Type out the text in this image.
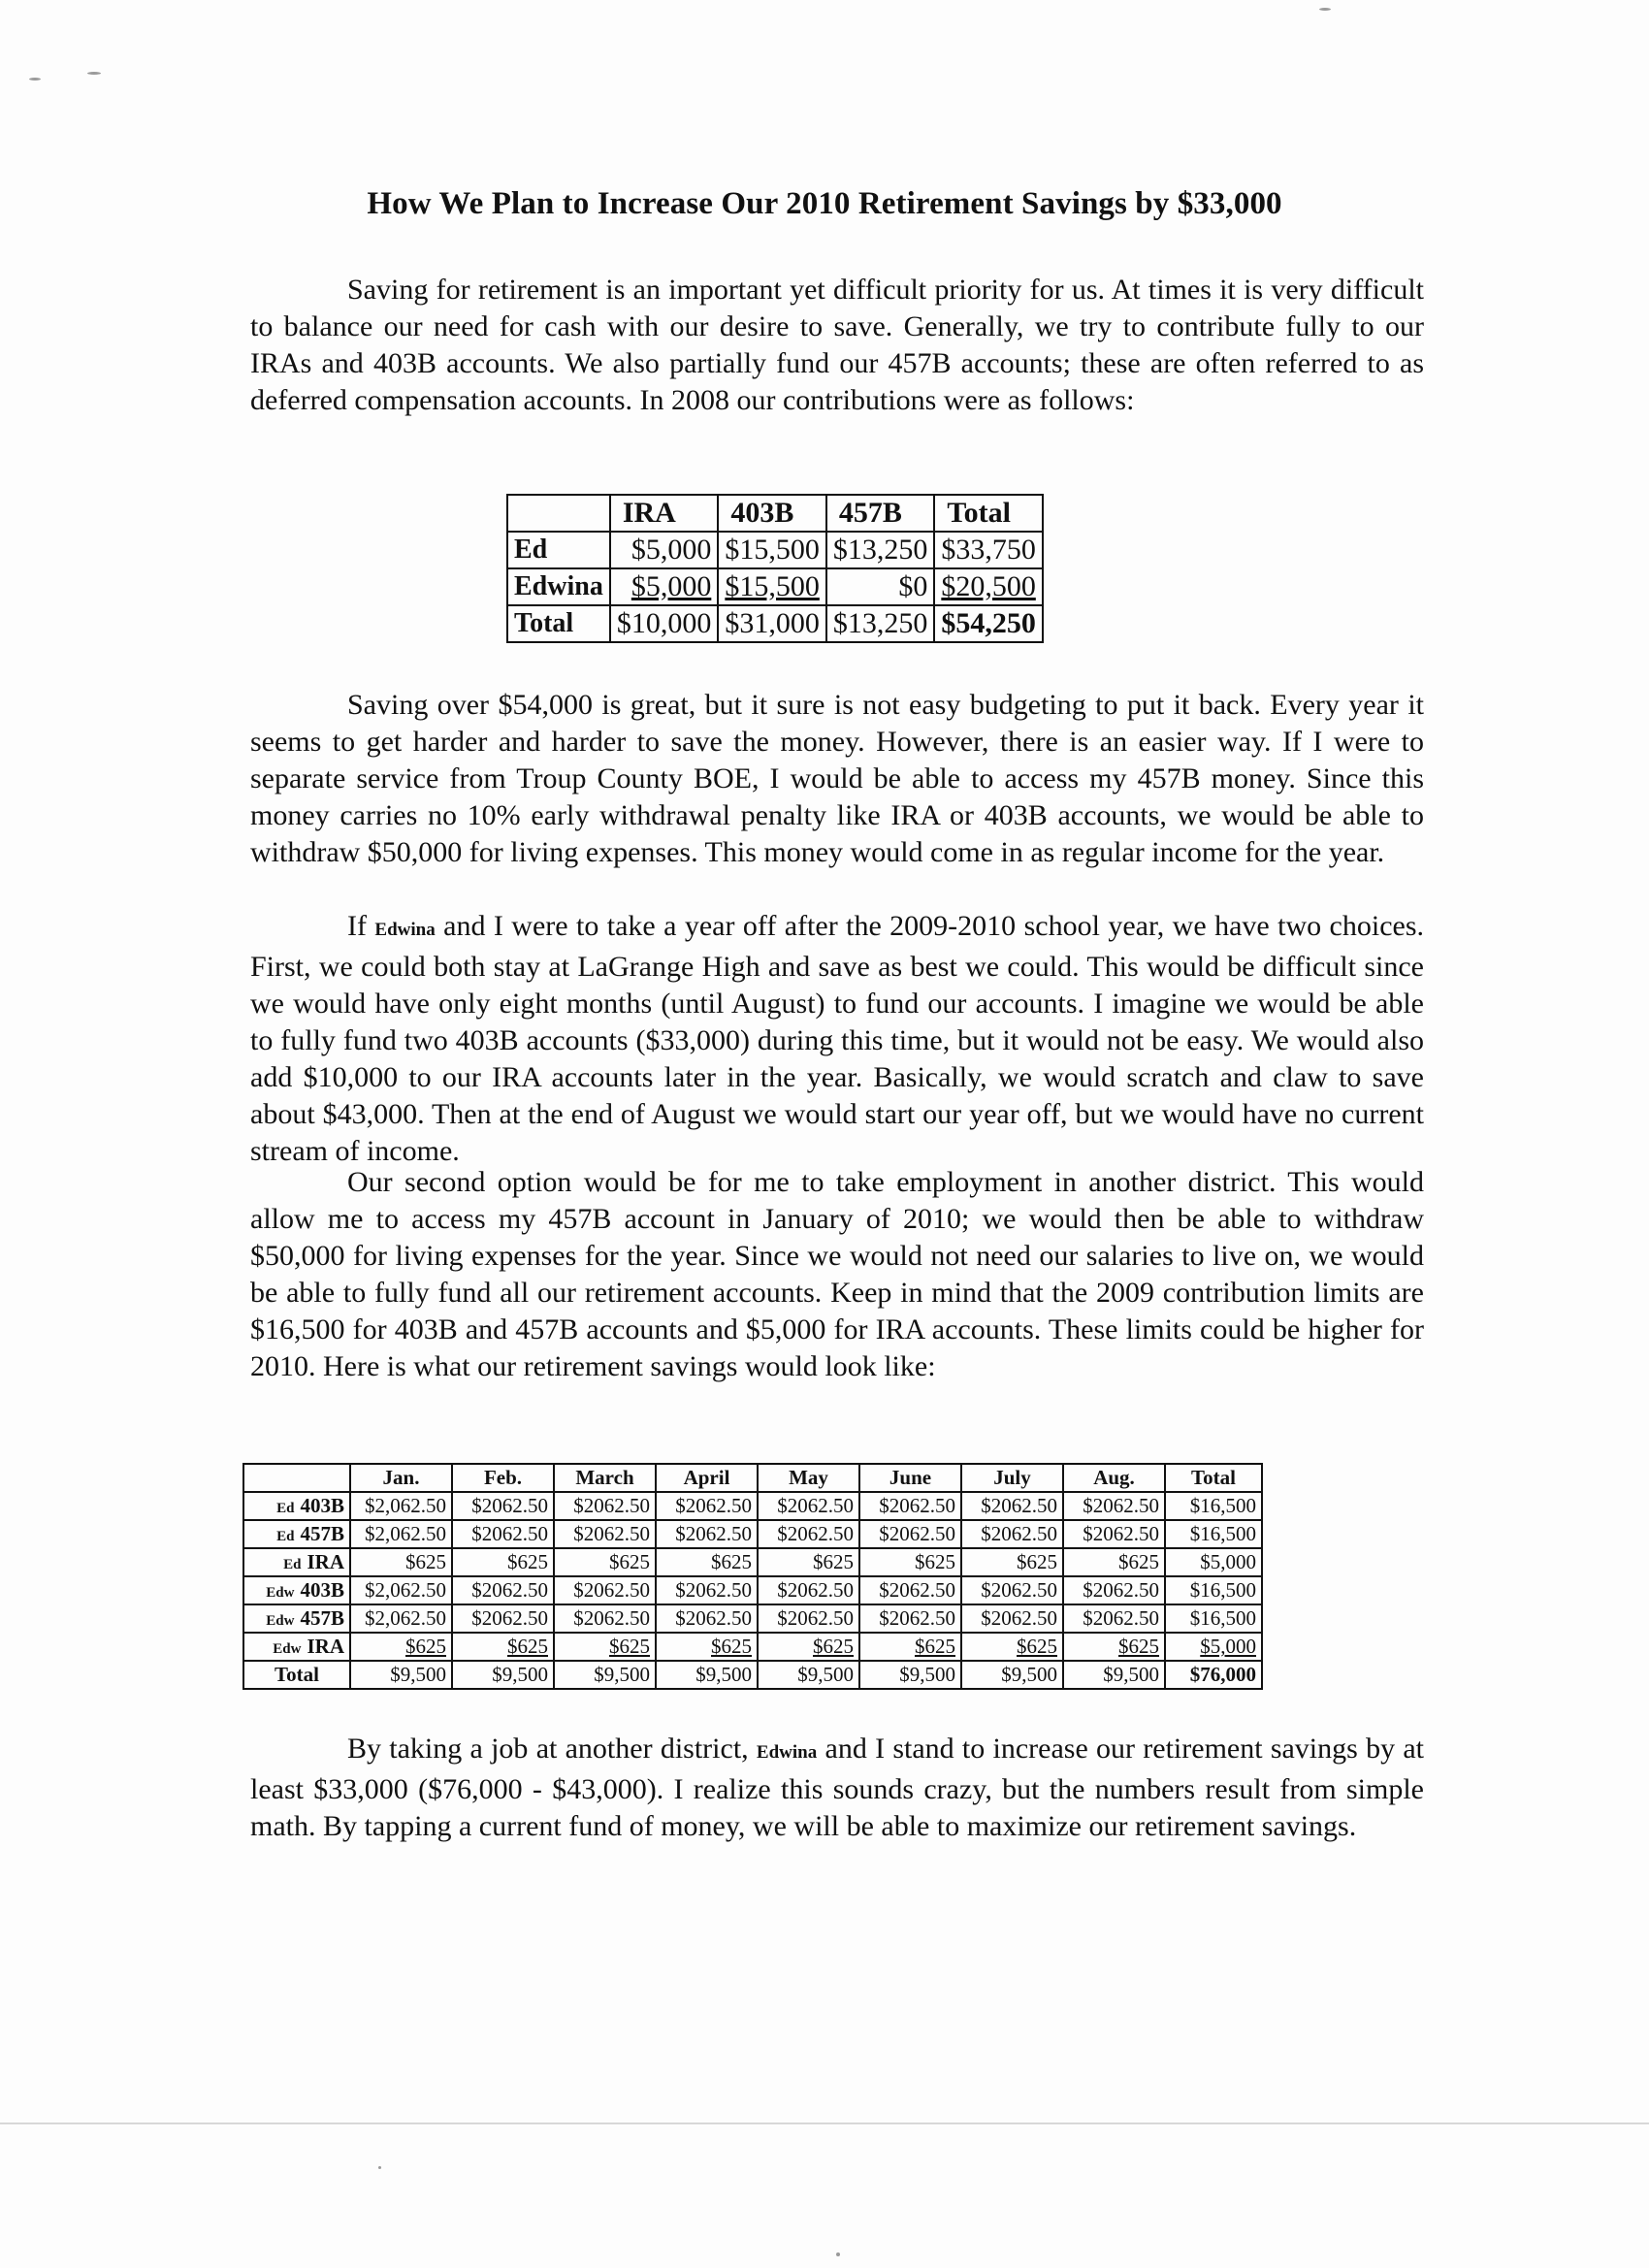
How We Plan to Increase Our 2010 Retirement Savings by $33,000

Saving for retirement is an important yet difficult priority for us. At times it is very difficult to balance our need for cash with our desire to save. Generally, we try to contribute fully to our IRAs and 403B accounts. We also partially fund our 457B accounts; these are often referred to as deferred compensation accounts. In 2008 our contributions were as follows:

	IRA	403B	457B	Total
Ed	$5,000	$15,500	$13,250	$33,750
Edwina	$5,000	$15,500	$0	$20,500
Total	$10,000	$31,000	$13,250	$54,250

Saving over $54,000 is great, but it sure is not easy budgeting to put it back. Every year it seems to get harder and harder to save the money. However, there is an easier way. If I were to separate service from Troup County BOE, I would be able to access my 457B money. Since this money carries no 10% early withdrawal penalty like IRA or 403B accounts, we would be able to withdraw $50,000 for living expenses. This money would come in as regular income for the year.

If Edwina and I were to take a year off after the 2009-2010 school year, we have two choices. First, we could both stay at LaGrange High and save as best we could. This would be difficult since we would have only eight months (until August) to fund our accounts. I imagine we would be able to fully fund two 403B accounts ($33,000) during this time, but it would not be easy. We would also add $10,000 to our IRA accounts later in the year. Basically, we would scratch and claw to save about $43,000. Then at the end of August we would start our year off, but we would have no current stream of income.

Our second option would be for me to take employment in another district. This would allow me to access my 457B account in January of 2010; we would then be able to withdraw $50,000 for living expenses for the year. Since we would not need our salaries to live on, we would be able to fully fund all our retirement accounts. Keep in mind that the 2009 contribution limits are $16,500 for 403B and 457B accounts and $5,000 for IRA accounts. These limits could be higher for 2010. Here is what our retirement savings would look like:

	Jan.	Feb.	March	April	May	June	July	Aug.	Total
Ed 403B	$2,062.50	$2062.50	$2062.50	$2062.50	$2062.50	$2062.50	$2062.50	$2062.50	$16,500
Ed 457B	$2,062.50	$2062.50	$2062.50	$2062.50	$2062.50	$2062.50	$2062.50	$2062.50	$16,500
Ed IRA	$625	$625	$625	$625	$625	$625	$625	$625	$5,000
Edw 403B	$2,062.50	$2062.50	$2062.50	$2062.50	$2062.50	$2062.50	$2062.50	$2062.50	$16,500
Edw 457B	$2,062.50	$2062.50	$2062.50	$2062.50	$2062.50	$2062.50	$2062.50	$2062.50	$16,500
Edw IRA	$625	$625	$625	$625	$625	$625	$625	$625	$5,000
Total	$9,500	$9,500	$9,500	$9,500	$9,500	$9,500	$9,500	$9,500	$76,000

By taking a job at another district, Edwina and I stand to increase our retirement savings by at least $33,000 ($76,000 - $43,000). I realize this sounds crazy, but the numbers result from simple math. By tapping a current fund of money, we will be able to maximize our retirement savings.
